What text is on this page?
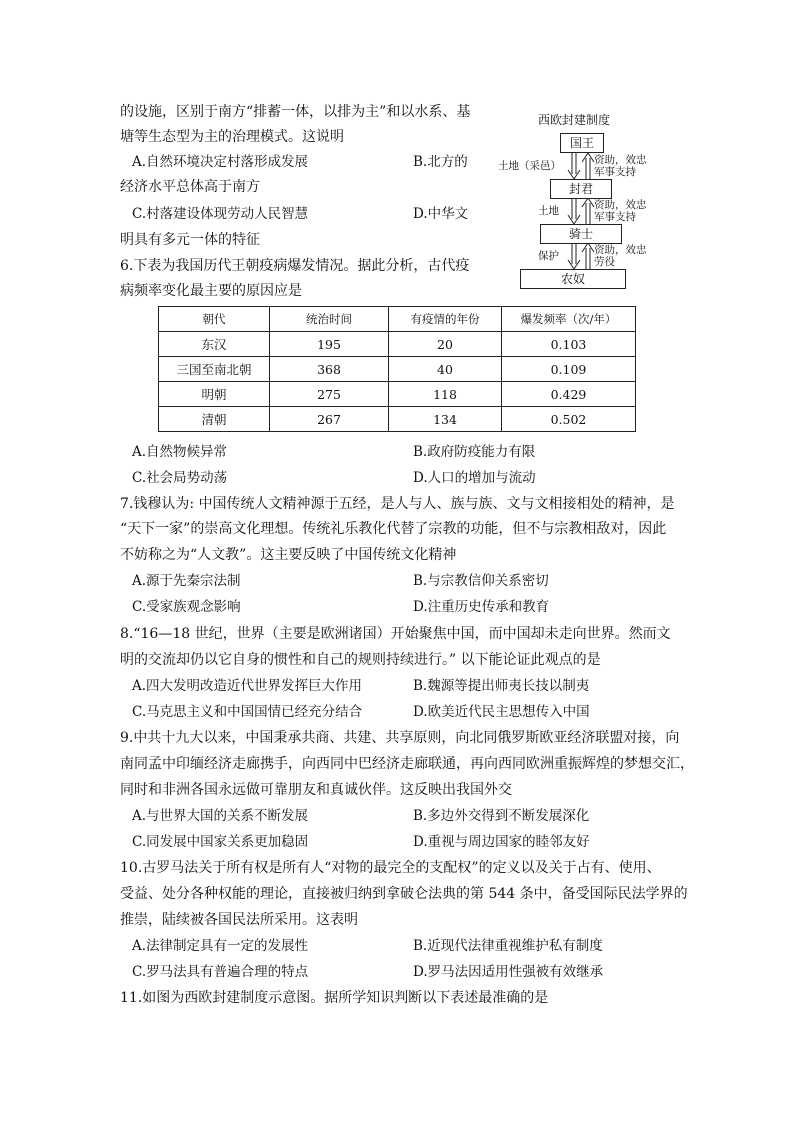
的设施，区别于南方“排蓄一体，以排为主”和以水系、基
塘等生态型为主的治理模式。这说明
A.自然环境决定村落形成发展	B.北方的
经济水平总体高于南方
C.村落建设体现劳动人民智慧	D.中华文
明具有多元一体的特征
6.下表为我国历代王朝疫病爆发情况。据此分析，古代疫
病频率变化最主要的原因应是
朝代	统治时间	有疫情的年份	爆发频率（次/年）
东汉	195	20	0.103
三国至南北朝	368	40	0.109
明朝	275	118	0.429
清朝	267	134	0.502
A.自然物候异常	B.政府防疫能力有限
C.社会局势动荡	D.人口的增加与流动
7.钱穆认为: 中国传统人文精神源于五经，是人与人、族与族、文与文相接相处的精神，是
“天下一家”的崇高文化理想。传统礼乐教化代替了宗教的功能，但不与宗教相敌对，因此
不妨称之为“人文教”。这主要反映了中国传统文化精神
A.源于先秦宗法制	B.与宗教信仰关系密切
C.受家族观念影响	D.注重历史传承和教育
8.“16—18 世纪，世界（主要是欧洲诸国）开始聚焦中国，而中国却未走向世界。然而文
明的交流却仍以它自身的惯性和自己的规则持续进行。” 以下能论证此观点的是
A.四大发明改造近代世界发挥巨大作用	B.魏源等提出师夷长技以制夷
C.马克思主义和中国国情已经充分结合	D.欧美近代民主思想传入中国
9.中共十九大以来，中国秉承共商、共建、共享原则，向北同俄罗斯欧亚经济联盟对接，向
南同孟中印缅经济走廊携手，向西同中巴经济走廊联通，再向西同欧洲重振辉煌的梦想交汇，
同时和非洲各国永远做可靠朋友和真诚伙伴。这反映出我国外交
A.与世界大国的关系不断发展	B.多边外交得到不断发展深化
C.同发展中国家关系更加稳固	D.重视与周边国家的睦邻友好
10.古罗马法关于所有权是所有人“对物的最完全的支配权”的定义以及关于占有、使用、
受益、处分各种权能的理论，直接被归纳到拿破仑法典的第 544 条中，备受国际民法学界的
推崇，陆续被各国民法所采用。这表明
A.法律制定具有一定的发展性	B.近现代法律重视维护私有制度
C.罗马法具有普遍合理的特点	D.罗马法因适用性强被有效继承
11.如图为西欧封建制度示意图。据所学知识判断以下表述最准确的是
西欧封建制度
国王
封君
骑士
农奴
土地（采邑）
土地
保护
资助，效忠
军事支持
资助，效忠
军事支持
资助，效忠
劳役
